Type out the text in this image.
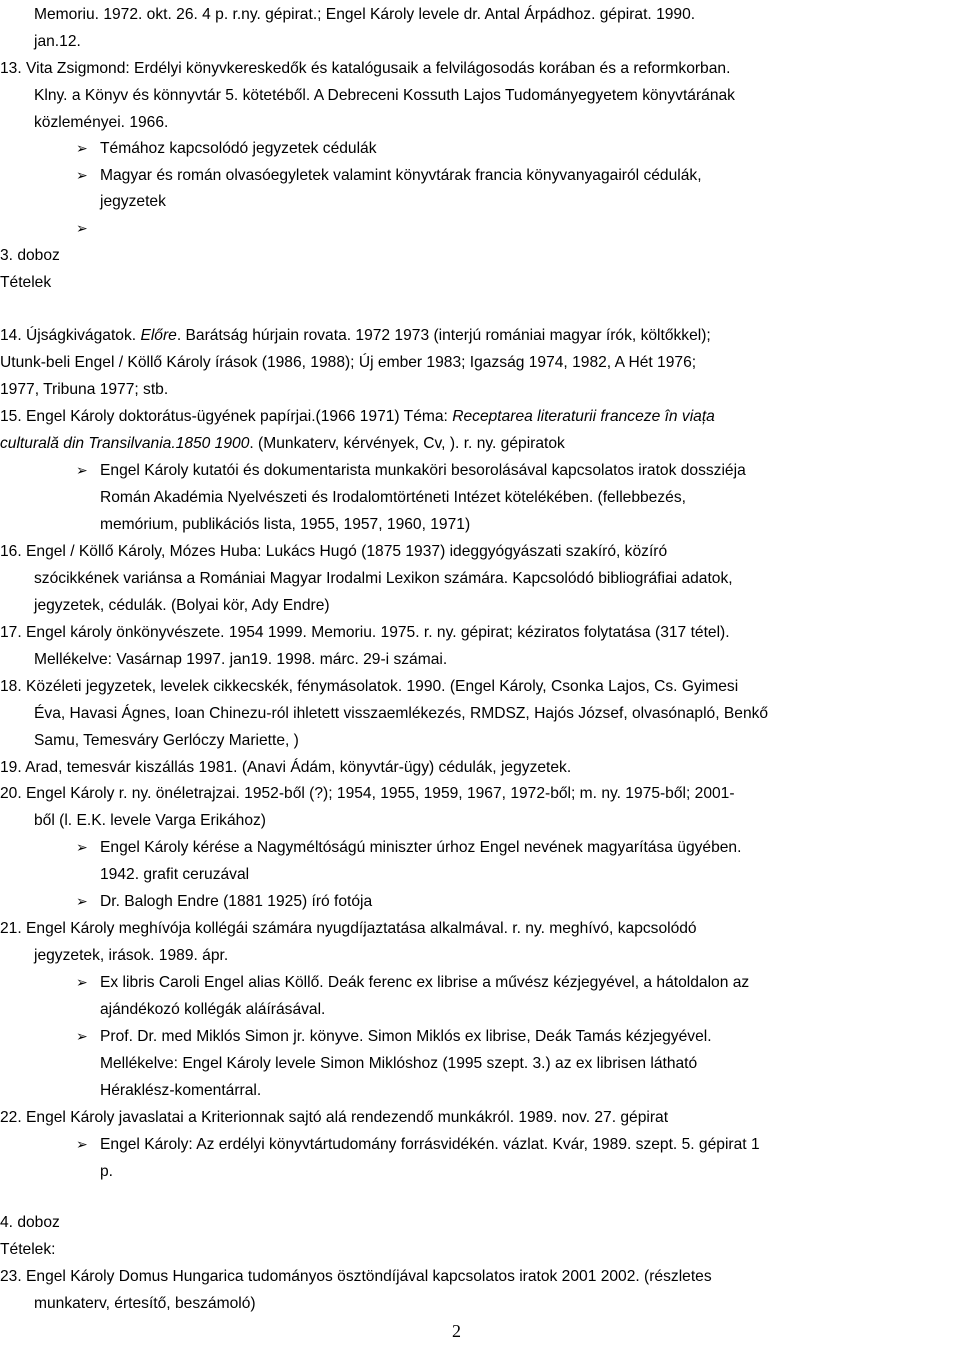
Memoriu. 1972. okt. 26. 4 p. r.ny. gépirat.; Engel Károly levele dr. Antal Árpádhoz. gépirat. 1990.
jan.12.
13. Vita Zsigmond: Erdélyi könyvkereskedők és katalógusaik a felvilágosodás korában és a reformkorban.
Klny. a Könyv és könnyvtár 5. kötetéből. A Debreceni Kossuth Lajos Tudományegyetem könyvtárának
közleményei. 1966.
➢ Témához kapcsolódó jegyzetek cédulák
➢ Magyar és román olvasóegyletek valamint könyvtárak francia könyvanyagairól cédulák,
jegyzetek
➢
3. doboz
Tételek
14. Újságkivágatok. Előre. Barátság húrjain rovata. 1972 1973 (interjú romániai magyar írók, költőkkel);
Utunk-beli Engel / Köllő Károly írások (1986, 1988); Új ember 1983; Igazság 1974, 1982, A Hét 1976;
1977, Tribuna 1977; stb.
15. Engel Károly doktorátus-ügyének papírjai.(1966 1971) Téma: Receptarea literaturii franceze în viața
culturală din Transilvania.1850 1900. (Munkaterv, kérvények, Cv, ). r. ny. gépiratok
➢ Engel Károly kutatói és dokumentarista munkaköri besorolásával kapcsolatos iratok dossziéja
Román Akadémia Nyelvészeti és Irodalomtörténeti Intézet kötelékében. (fellebbezés,
memórium, publikációs lista, 1955, 1957, 1960, 1971)
16. Engel / Köllő Károly, Mózes Huba: Lukács Hugó (1875 1937) ideggyógyászati szakíró, közíró
szócikkének variánsa a Romániai Magyar Irodalmi Lexikon számára. Kapcsolódó bibliográfiai adatok,
jegyzetek, cédulák. (Bolyai kör, Ady Endre)
17. Engel károly önkönyvészete. 1954 1999. Memoriu. 1975. r. ny. gépirat; kéziratos folytatása (317 tétel).
Mellékelve: Vasárnap 1997. jan19. 1998. márc. 29-i számai.
18. Közéleti jegyzetek, levelek cikkecskék, fénymásolatok. 1990. (Engel Károly, Csonka Lajos, Cs. Gyimesi
Éva, Havasi Ágnes, Ioan Chinezu-ról ihletett visszaemlékezés, RMDSZ, Hajós József, olvasónapló, Benkő
Samu, Temesváry Gerlóczy Mariette, )
19. Arad, temesvár kiszállás 1981. (Anavi Ádám, könyvtár-ügy) cédulák, jegyzetek.
20. Engel Károly r. ny. önéletrajzai. 1952-ből (?); 1954, 1955, 1959, 1967, 1972-ből; m. ny. 1975-ből; 2001-
ből (l. E.K. levele Varga Erikához)
➢ Engel Károly kérése a Nagyméltóságú miniszter úrhoz Engel nevének magyarítása ügyében.
1942. grafit ceruzával
➢ Dr. Balogh Endre (1881 1925) író fotója
21. Engel Károly meghívója kollégái számára nyugdíjaztatása alkalmával. r. ny. meghívó, kapcsolódó
jegyzetek, irások. 1989. ápr.
➢ Ex libris Caroli Engel alias Köllő. Deák ferenc ex librise a művész kézjegyével, a hátoldalon az
ajándékozó kollégák aláírásával.
➢ Prof. Dr. med Miklós Simon jr. könyve. Simon Miklós ex librise, Deák Tamás kézjegyével.
Mellékelve: Engel Károly levele Simon Miklóshoz (1995 szept. 3.) az ex librisen látható
Héraklész-komentárral.
22. Engel Károly javaslatai a Kriterionnak sajtó alá rendezendő munkákról. 1989. nov. 27. gépirat
➢ Engel Károly: Az erdélyi könyvtártudomány forrásvidékén. vázlat. Kvár, 1989. szept. 5. gépirat 1
p.
4. doboz
Tételek:
23. Engel Károly Domus Hungarica tudományos ösztöndíjával kapcsolatos iratok 2001 2002. (részletes
munkaterv, értesítő, beszámoló)
2
